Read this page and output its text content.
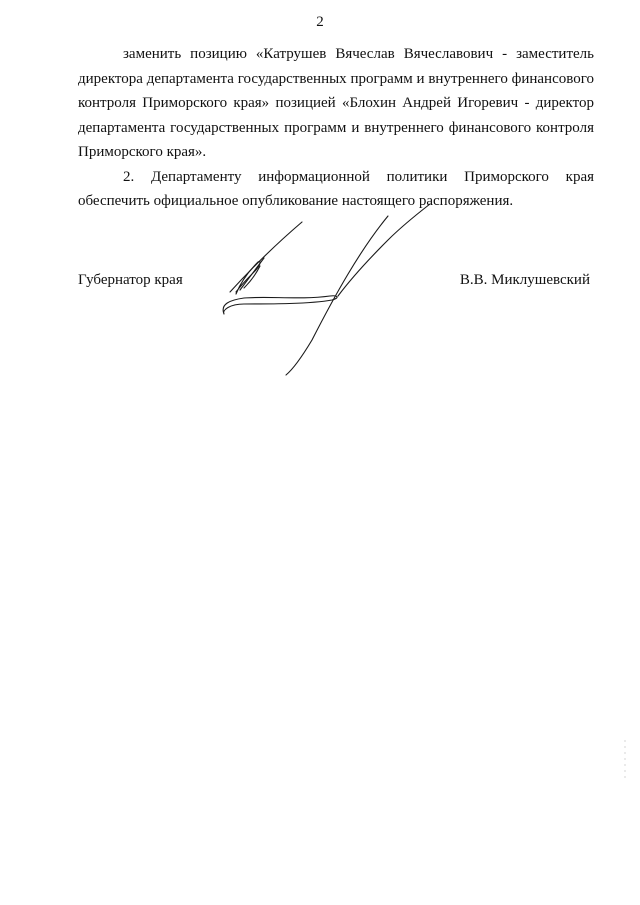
2

заменить позицию «Катрушев Вячеслав Вячеславович - заместитель директора департамента государственных программ и внутреннего финансового контроля Приморского края» позицией «Блохин Андрей Игоревич - директор департамента государственных программ и внутреннего финансового контроля Приморского края».

2. Департаменту информационной политики Приморского края обеспечить официальное опубликование настоящего распоряжения.

Губернатор края	В.В. Миклушевский
